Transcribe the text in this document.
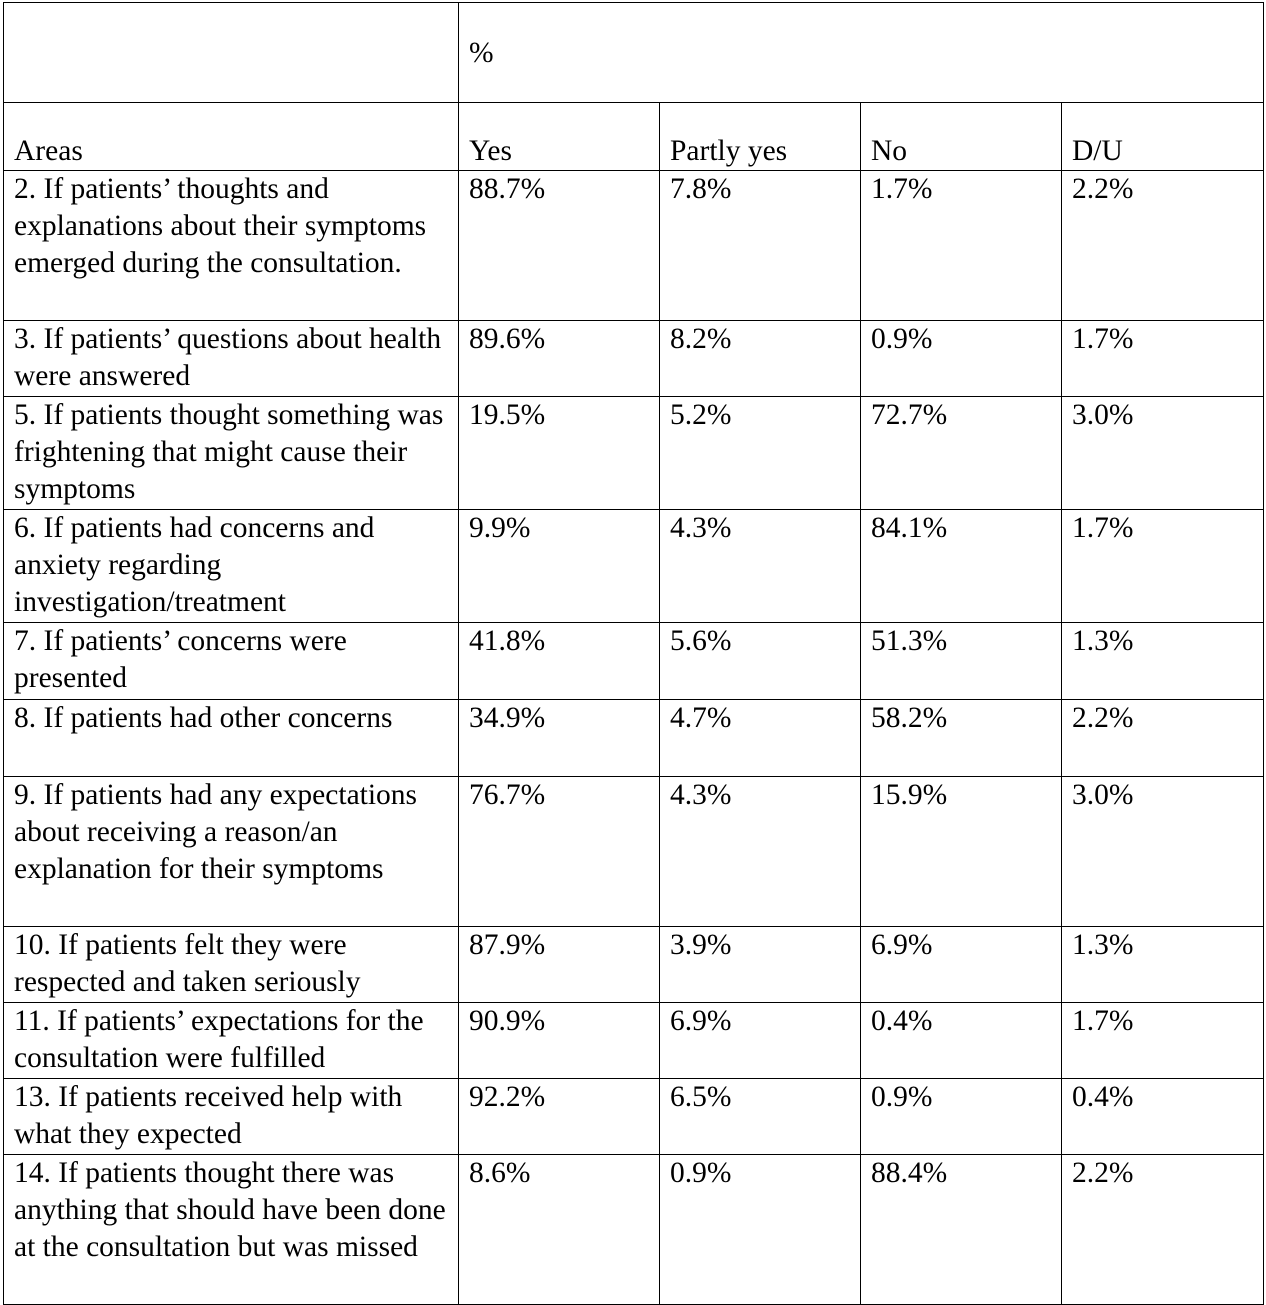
	%			
Areas	Yes	Partly yes	No	D/U
2. If patients’ thoughts and explanations about their symptoms emerged during the consultation.	88.7%	7.8%	1.7%	2.2%
3. If patients’ questions about health were answered	89.6%	8.2%	0.9%	1.7%
5. If patients thought something was frightening that might cause their symptoms	19.5%	5.2%	72.7%	3.0%
6. If patients had concerns and anxiety regarding investigation/treatment	9.9%	4.3%	84.1%	1.7%
7. If patients’ concerns were presented	41.8%	5.6%	51.3%	1.3%
8. If patients had other concerns	34.9%	4.7%	58.2%	2.2%
9. If patients had any expectations about receiving a reason/an explanation for their symptoms	76.7%	4.3%	15.9%	3.0%
10. If patients felt they were respected and taken seriously	87.9%	3.9%	6.9%	1.3%
11. If patients’ expectations for the consultation were fulfilled	90.9%	6.9%	0.4%	1.7%
13. If patients received help with what they expected	92.2%	6.5%	0.9%	0.4%
14. If patients thought there was anything that should have been done at the consultation but was missed	8.6%	0.9%	88.4%	2.2%
